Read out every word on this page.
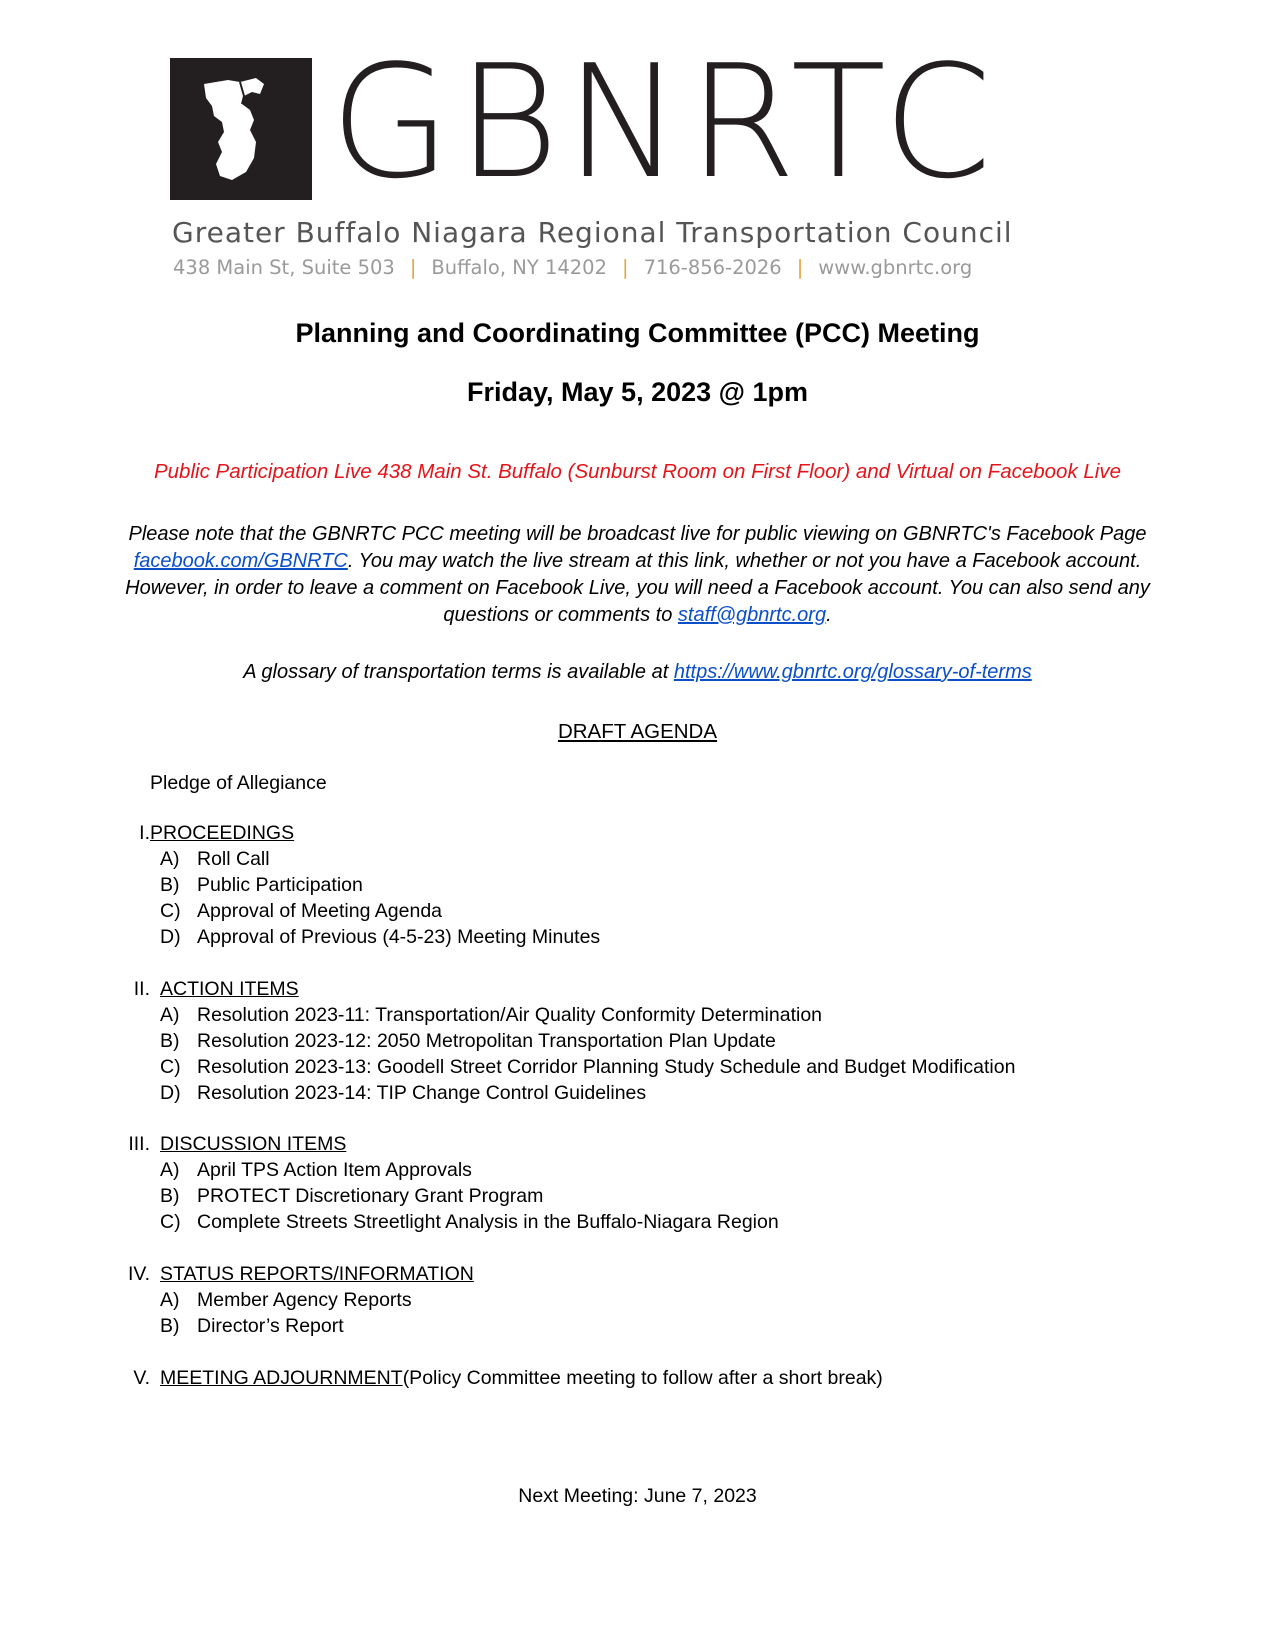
GBNRTC
Greater Buffalo Niagara Regional Transportation Council
438 Main St, Suite 503 | Buffalo, NY 14202 | 716-856-2026 | www.gbnrtc.org
Planning and Coordinating Committee (PCC) Meeting
Friday, May 5, 2023 @ 1pm
Public Participation Live 438 Main St. Buffalo (Sunburst Room on First Floor) and Virtual on Facebook Live
Please note that the GBNRTC PCC meeting will be broadcast live for public viewing on GBNRTC's Facebook Page facebook.com/GBNRTC. You may watch the live stream at this link, whether or not you have a Facebook account. However, in order to leave a comment on Facebook Live, you will need a Facebook account. You can also send any questions or comments to staff@gbnrtc.org.
A glossary of transportation terms is available at https://www.gbnrtc.org/glossary-of-terms
DRAFT AGENDA
Pledge of Allegiance
I. PROCEEDINGS
A) Roll Call
B) Public Participation
C) Approval of Meeting Agenda
D) Approval of Previous (4-5-23) Meeting Minutes
II. ACTION ITEMS
A) Resolution 2023-11: Transportation/Air Quality Conformity Determination
B) Resolution 2023-12: 2050 Metropolitan Transportation Plan Update
C) Resolution 2023-13: Goodell Street Corridor Planning Study Schedule and Budget Modification
D) Resolution 2023-14: TIP Change Control Guidelines
III. DISCUSSION ITEMS
A) April TPS Action Item Approvals
B) PROTECT Discretionary Grant Program
C) Complete Streets Streetlight Analysis in the Buffalo-Niagara Region
IV. STATUS REPORTS/INFORMATION
A) Member Agency Reports
B) Director’s Report
V. MEETING ADJOURNMENT (Policy Committee meeting to follow after a short break)
Next Meeting: June 7, 2023
